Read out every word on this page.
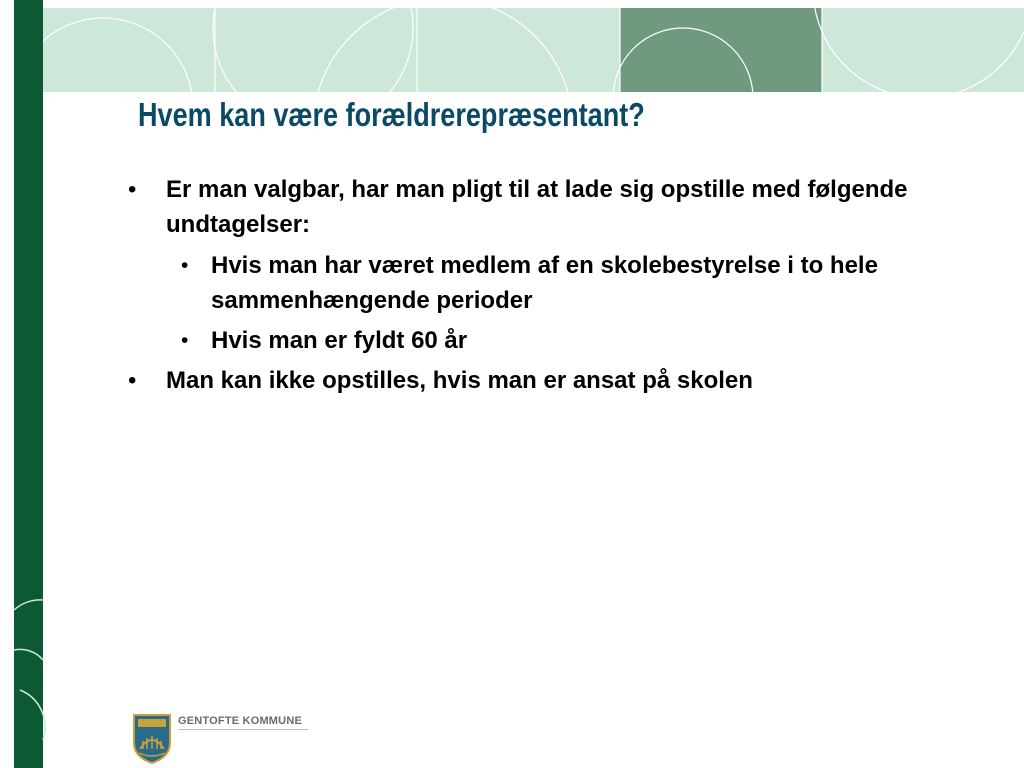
Hvem kan være forældrerepræsentant?
• Er man valgbar, har man pligt til at lade sig opstille med følgende undtagelser:
• Hvis man har været medlem af en skolebestyrelse i to hele sammenhængende perioder
• Hvis man er fyldt 60 år
• Man kan ikke opstilles, hvis man er ansat på skolen
GENTOFTE KOMMUNE
